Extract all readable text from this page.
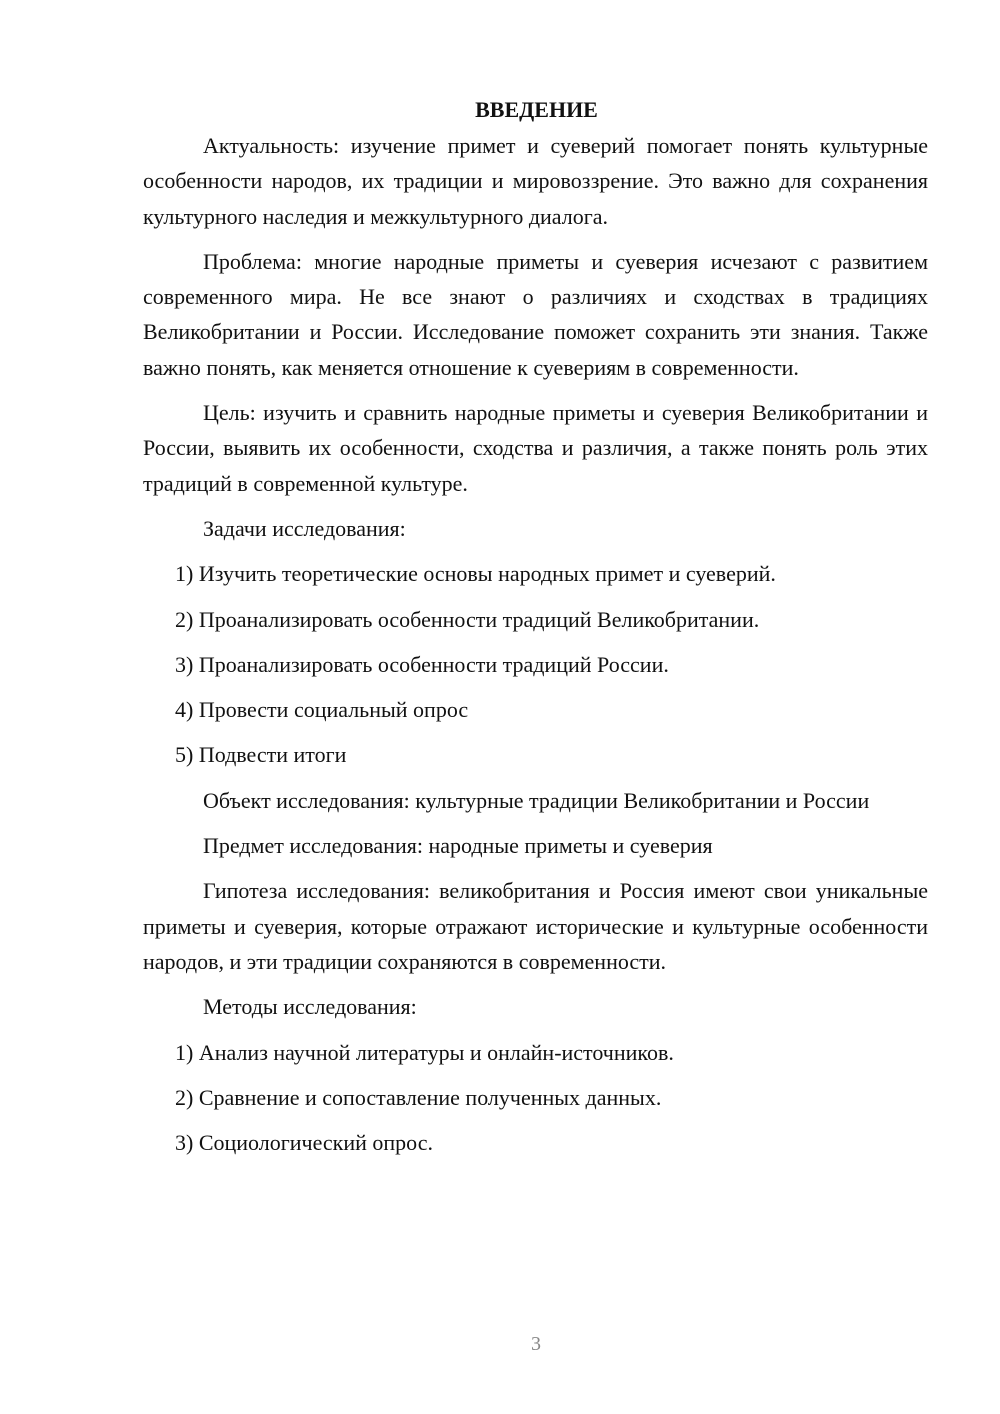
ВВЕДЕНИЕ

Актуальность: изучение примет и суеверий помогает понять культурные особенности народов, их традиции и мировоззрение. Это важно для сохранения культурного наследия и межкультурного диалога.

Проблема: многие народные приметы и суеверия исчезают с развитием современного мира. Не все знают о различиях и сходствах в традициях Великобритании и России. Исследование поможет сохранить эти знания. Также важно понять, как меняется отношение к суевериям в современности.

Цель: изучить и сравнить народные приметы и суеверия Великобритании и России, выявить их особенности, сходства и различия, а также понять роль этих традиций в современной культуре.

Задачи исследования:

1) Изучить теоретические основы народных примет и суеверий.

2) Проанализировать особенности традиций Великобритании.

3) Проанализировать особенности традиций России.

4) Провести социальный опрос

5) Подвести итоги

Объект исследования: культурные традиции Великобритании и России

Предмет исследования: народные приметы и суеверия

Гипотеза исследования: великобритания и Россия имеют свои уникальные приметы и суеверия, которые отражают исторические и культурные особенности народов, и эти традиции сохраняются в современности.

Методы исследования:

1) Анализ научной литературы и онлайн-источников.

2) Сравнение и сопоставление полученных данных.

3) Социологический опрос.

3
